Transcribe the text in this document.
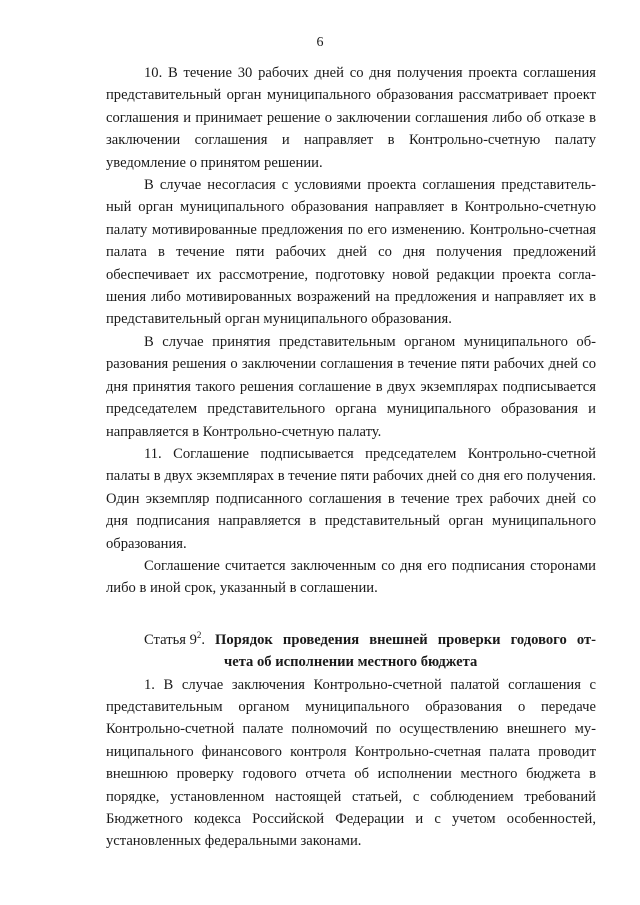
6

10. В течение 30 рабочих дней со дня получения проекта соглашения представительный орган муниципального образования рассматривает проект соглашения и принимает решение о заключении соглашения либо об отказе в заключении соглашения и направляет в Контрольно-счетную палату уведомление о принятом решении.

В случае несогласия с условиями проекта соглашения представительный орган муниципального образования направляет в Контрольно-счетную палату мотивированные предложения по его изменению. Контрольно-счетная палата в течение пяти рабочих дней со дня получения предложений обеспечивает их рассмотрение, подготовку новой редакции проекта соглашения либо мотивированных возражений на предложения и направляет их в представительный орган муниципального образования.

В случае принятия представительным органом муниципального образования решения о заключении соглашения в течение пяти рабочих дней со дня принятия такого решения соглашение в двух экземплярах подписывается председателем представительного органа муниципального образования и направляется в Контрольно-счетную палату.

11. Соглашение подписывается председателем Контрольно-счетной палаты в двух экземплярах в течение пяти рабочих дней со дня его получения. Один экземпляр подписанного соглашения в течение трех рабочих дней со дня подписания направляется в представительный орган муниципального образования.

Соглашение считается заключенным со дня его подписания сторонами либо в иной срок, указанный в соглашении.

Статья $9^2$. Порядок проведения внешней проверки годового от-
чета об исполнении местного бюджета

1. В случае заключения Контрольно-счетной палатой соглашения с представительным органом муниципального образования о передаче Контрольно-счетной палате полномочий по осуществлению внешнего муниципального финансового контроля Контрольно-счетная палата проводит внешнюю проверку годового отчета об исполнении местного бюджета в порядке, установленном настоящей статьей, с соблюдением требований Бюджетного кодекса Российской Федерации и с учетом особенностей, установленных федеральными законами.
